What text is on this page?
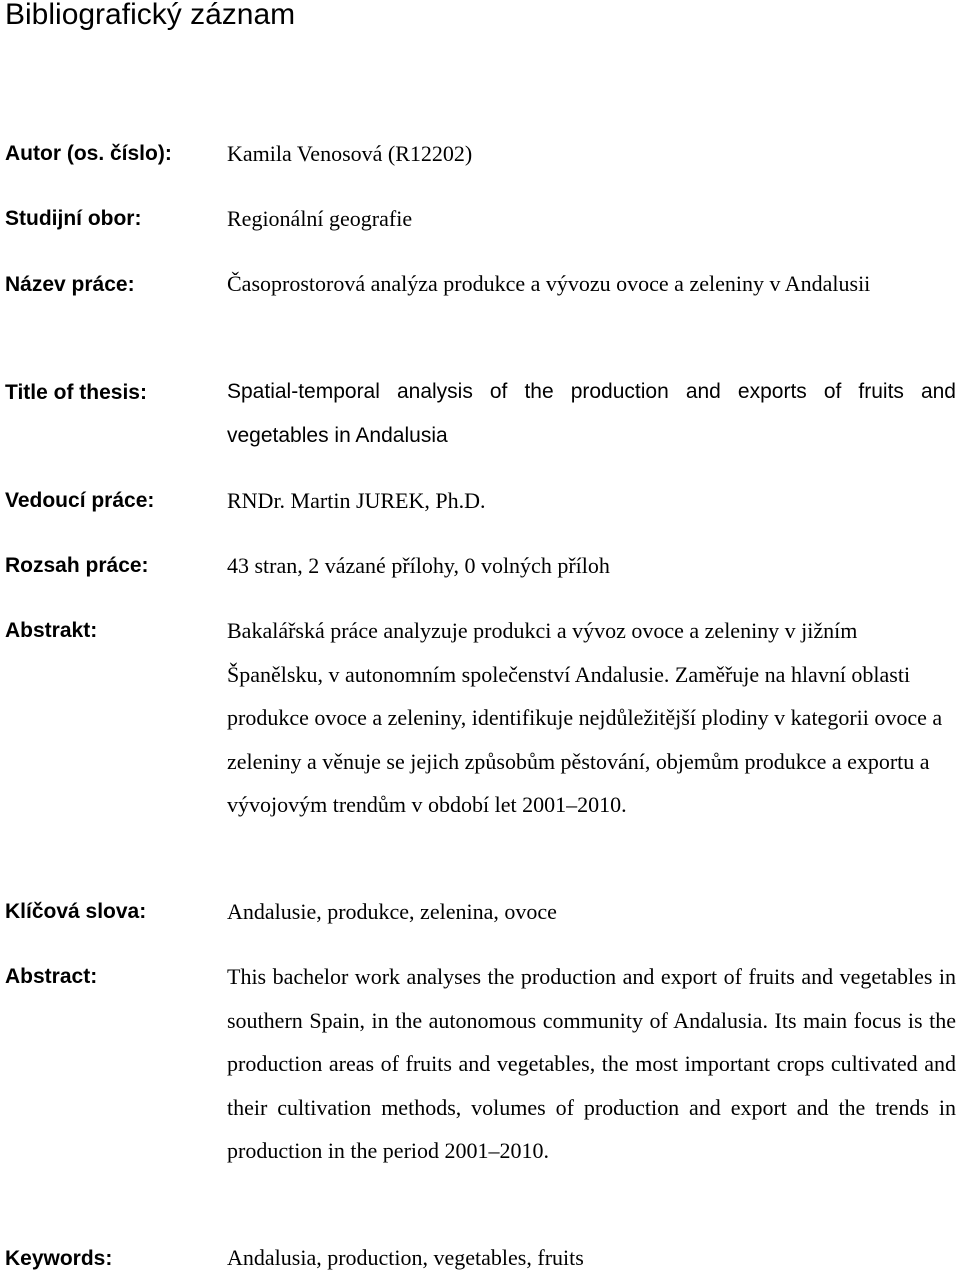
Bibliografický záznam
Autor (os. číslo):	Kamila Venosová (R12202)
Studijní obor:	Regionální geografie
Název práce:	Časoprostorová analýza produkce a vývozu ovoce a zeleniny v Andalusii
Title of thesis:	Spatial-temporal analysis of the production and exports of fruits and vegetables in Andalusia
Vedoucí práce:	RNDr. Martin JUREK, Ph.D.
Rozsah práce:	43 stran, 2 vázané přílohy, 0 volných příloh
Abstrakt:	Bakalářská práce analyzuje produkci a vývoz ovoce a zeleniny v jižním Španělsku, v autonomním společenství Andalusie. Zaměřuje na hlavní oblasti produkce ovoce a zeleniny, identifikuje nejdůležitější plodiny v kategorii ovoce a zeleniny a věnuje se jejich způsobům pěstování, objemům produkce a exportu a vývojovým trendům v období let 2001–2010.
Klíčová slova:	Andalusie, produkce, zelenina, ovoce
Abstract:	This bachelor work analyses the production and export of fruits and vegetables in southern Spain, in the autonomous community of Andalusia. Its main focus is the production areas of fruits and vegetables, the most important crops cultivated and their cultivation methods, volumes of production and export and the trends in production in the period 2001–2010.
Keywords:	Andalusia, production, vegetables, fruits
